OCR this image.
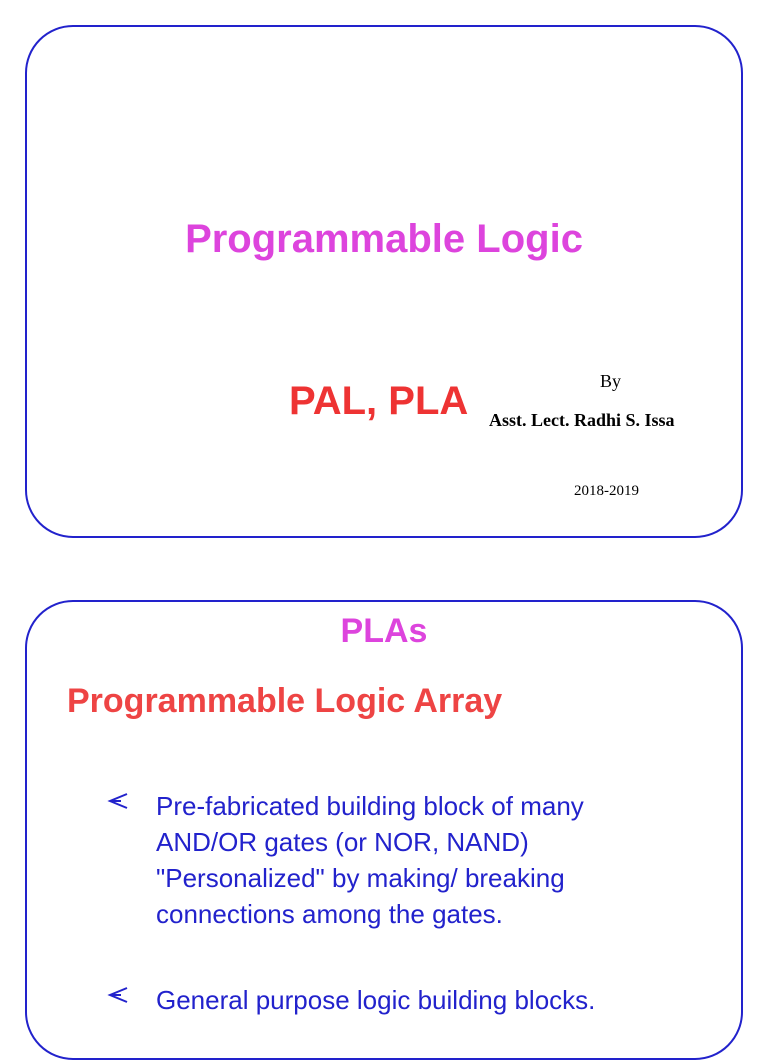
Programmable Logic
PAL, PLA	By
Asst. Lect. Radhi S. Issa
2018-2019
PLAs
Programmable Logic Array
Pre-fabricated building block of many
AND/OR gates (or NOR, NAND)
"Personalized" by making/ breaking
connections among the gates.
General purpose logic building blocks.
